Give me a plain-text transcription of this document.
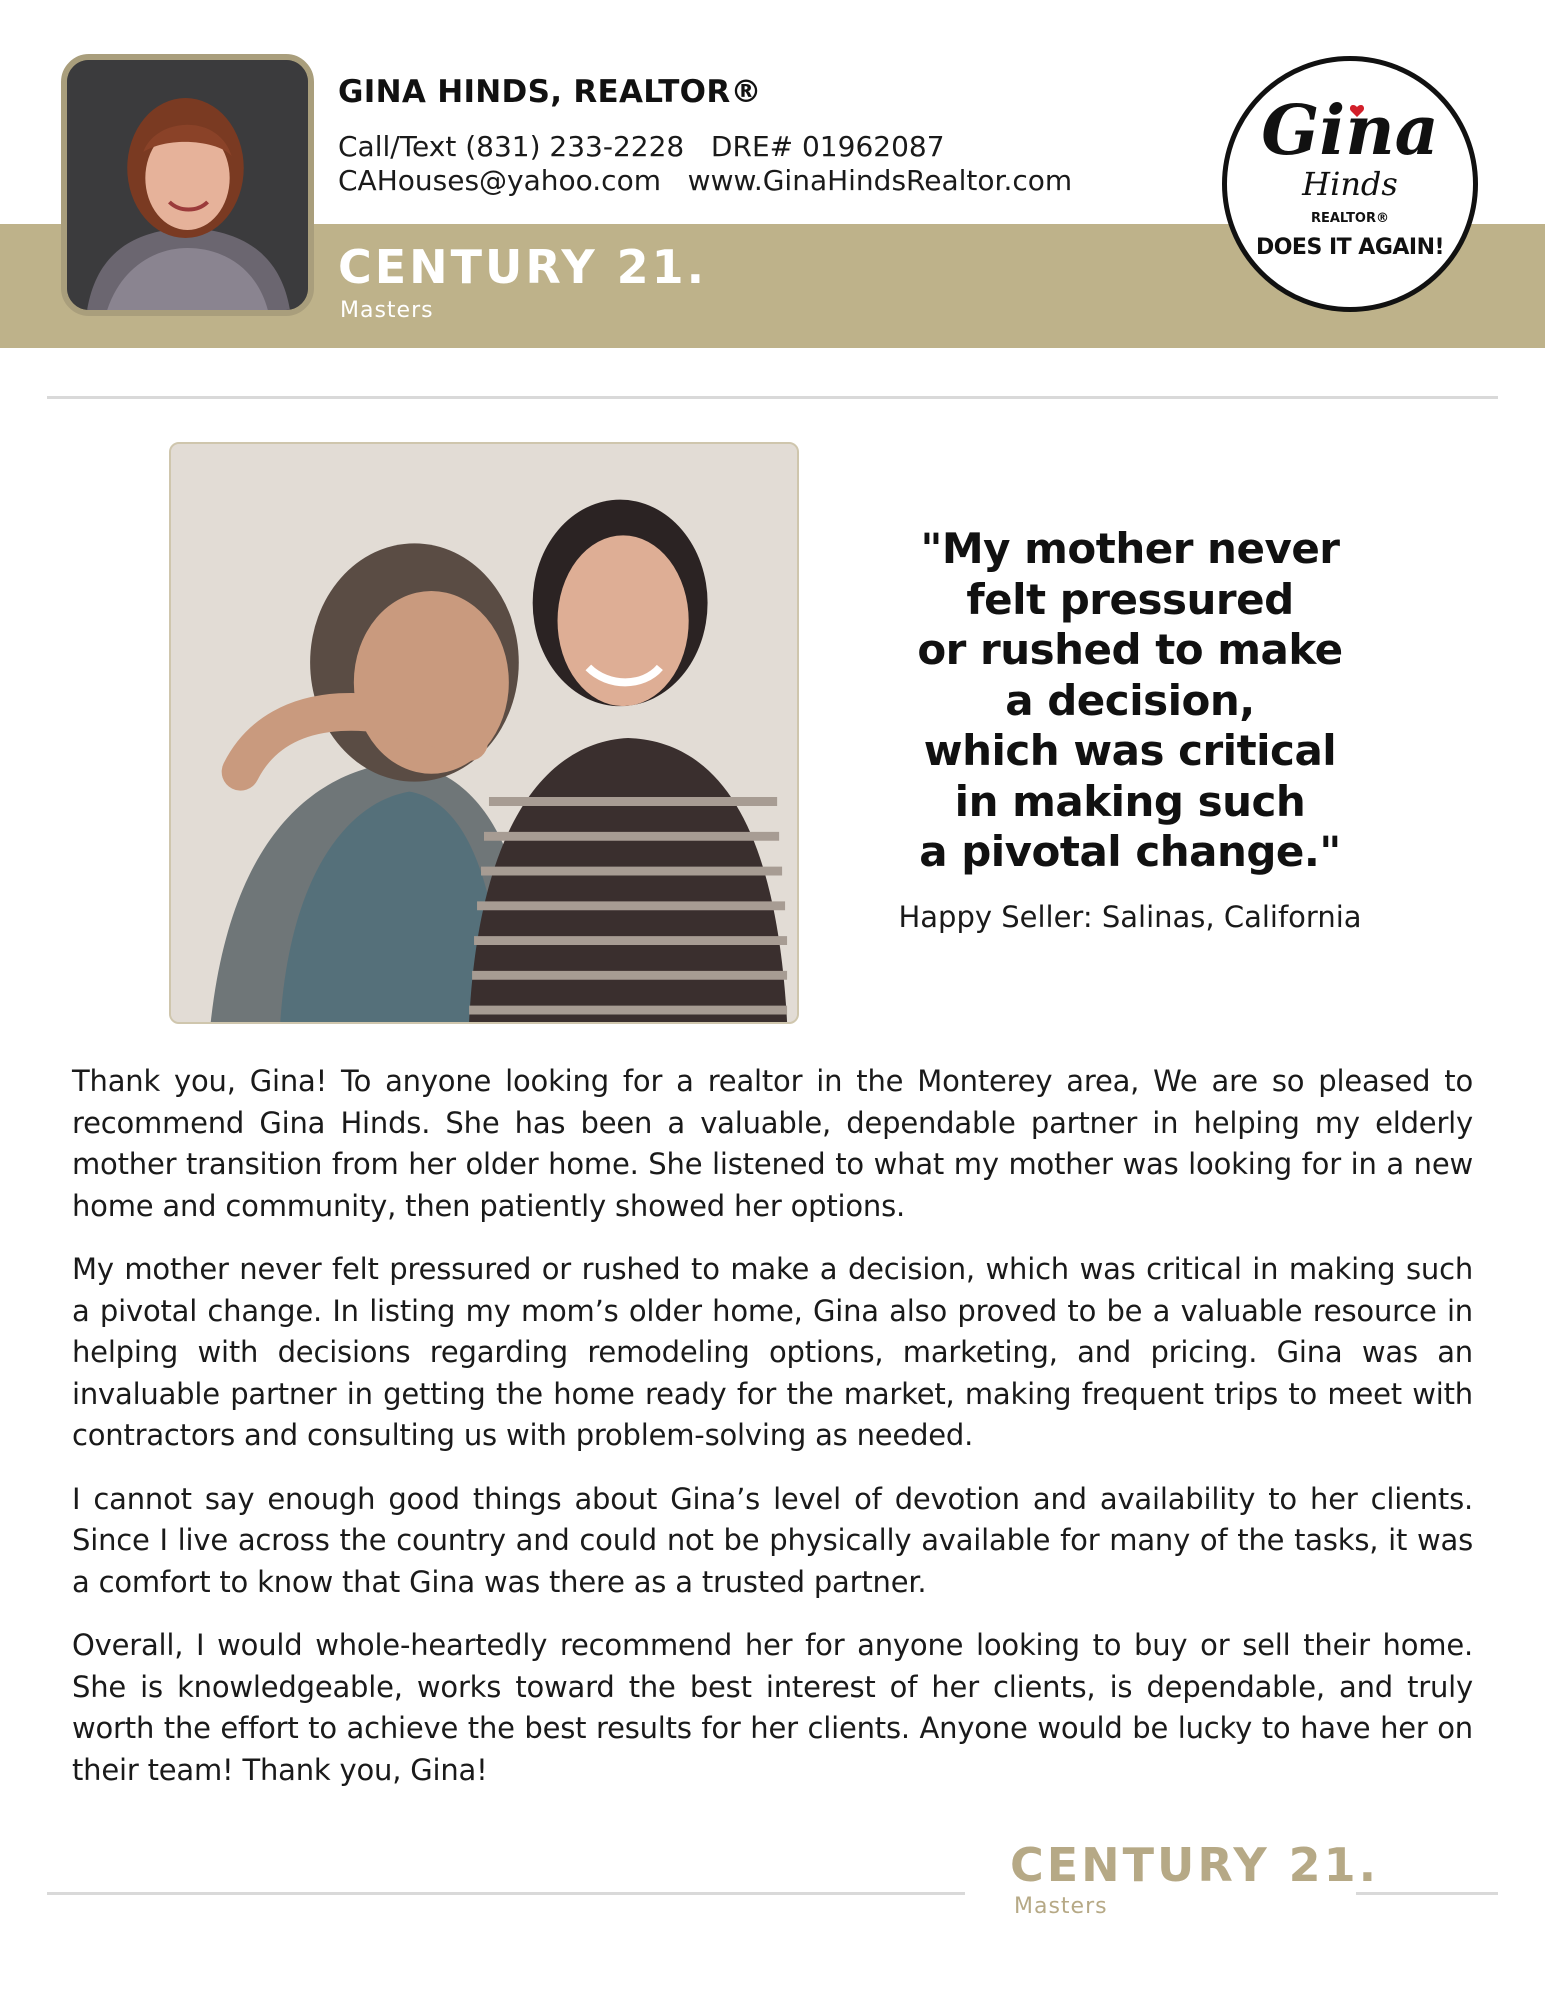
GINA HINDS, REALTOR®
Call/Text (831) 233-2228   DRE# 01962087
CAHouses@yahoo.com   www.GinaHindsRealtor.com
CENTURY 21.
Masters
Gina
Hinds
REALTOR®
DOES IT AGAIN!
"My mother never
felt pressured
or rushed to make
a decision,
which was critical
in making such
a pivotal change."
Happy Seller: Salinas, California

Thank you, Gina! To anyone looking for a realtor in the Monterey area, We are so pleased to recommend Gina Hinds. She has been a valuable, dependable partner in helping my elderly mother transition from her older home. She listened to what my mother was looking for in a new home and community, then patiently showed her options.

My mother never felt pressured or rushed to make a decision, which was critical in making such a pivotal change. In listing my mom’s older home, Gina also proved to be a valuable resource in helping with decisions regarding remodeling options, marketing, and pricing. Gina was an invaluable partner in getting the home ready for the market, making frequent trips to meet with contractors and consulting us with problem-solving as needed.

I cannot say enough good things about Gina’s level of devotion and availability to her clients. Since I live across the country and could not be physically available for many of the tasks, it was a comfort to know that Gina was there as a trusted partner.

Overall, I would whole-heartedly recommend her for anyone looking to buy or sell their home. She is knowledgeable, works toward the best interest of her clients, is dependable, and truly worth the effort to achieve the best results for her clients. Anyone would be lucky to have her on their team! Thank you, Gina!

CENTURY 21.
Masters
